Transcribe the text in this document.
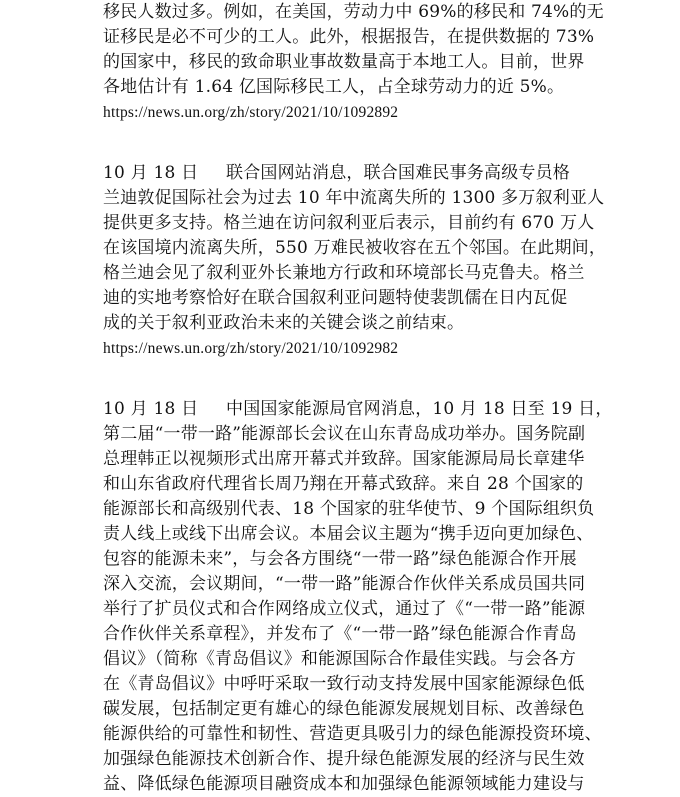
移民人数过多。例如，在美国，劳动力中 69%的移民和 74%的无
证移民是必不可少的工人。此外，根据报告，在提供数据的 73%
的国家中，移民的致命职业事故数量高于本地工人。目前，世界
各地估计有 1.64 亿国际移民工人，占全球劳动力的近 5%。
https://news.un.org/zh/story/2021/10/1092892
10 月 18 日 联合国网站消息，联合国难民事务高级专员格
兰迪敦促国际社会为过去 10 年中流离失所的 1300 多万叙利亚人
提供更多支持。格兰迪在访问叙利亚后表示，目前约有 670 万人
在该国境内流离失所，550 万难民被收容在五个邻国。在此期间，
格兰迪会见了叙利亚外长兼地方行政和环境部长马克鲁夫。格兰
迪的实地考察恰好在联合国叙利亚问题特使裴凯儒在日内瓦促
成的关于叙利亚政治未来的关键会谈之前结束。
https://news.un.org/zh/story/2021/10/1092982
10 月 18 日 中国国家能源局官网消息，10 月 18 日至 19 日，
第二届“一带一路”能源部长会议在山东青岛成功举办。国务院副
总理韩正以视频形式出席开幕式并致辞。国家能源局局长章建华
和山东省政府代理省长周乃翔在开幕式致辞。来自 28 个国家的
能源部长和高级别代表、18 个国家的驻华使节、9 个国际组织负
责人线上或线下出席会议。本届会议主题为“携手迈向更加绿色、
包容的能源未来”，与会各方围绕“一带一路”绿色能源合作开展
深入交流，会议期间，“一带一路”能源合作伙伴关系成员国共同
举行了扩员仪式和合作网络成立仪式，通过了《“一带一路”能源
合作伙伴关系章程》，并发布了《“一带一路”绿色能源合作青岛
倡议》（简称《青岛倡议》和能源国际合作最佳实践。与会各方
在《青岛倡议》中呼吁采取一致行动支持发展中国家能源绿色低
碳发展，包括制定更有雄心的绿色能源发展规划目标、改善绿色
能源供给的可靠性和韧性、营造更具吸引力的绿色能源投资环境、
加强绿色能源技术创新合作、提升绿色能源发展的经济与民生效
益、降低绿色能源项目融资成本和加强绿色能源领域能力建设与
